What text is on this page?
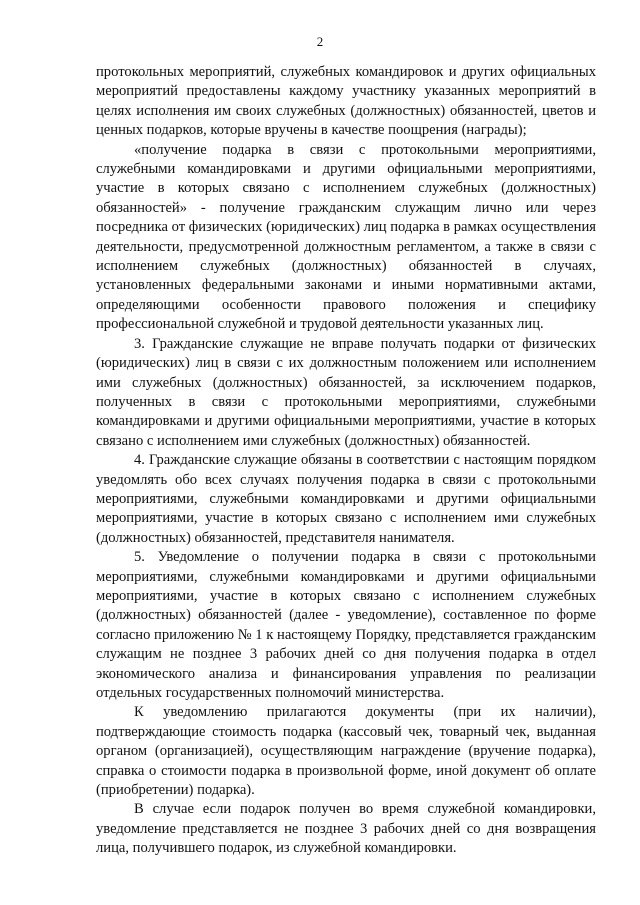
2

протокольных мероприятий, служебных командировок и других официальных мероприятий предоставлены каждому участнику указанных мероприятий в целях исполнения им своих служебных (должностных) обязанностей, цветов и ценных подарков, которые вручены в качестве поощрения (награды);

«получение подарка в связи с протокольными мероприятиями, служебными командировками и другими официальными мероприятиями, участие в которых связано с исполнением служебных (должностных) обязанностей» - получение гражданским служащим лично или через посредника от физических (юридических) лиц подарка в рамках осуществления деятельности, предусмотренной должностным регламентом, а также в связи с исполнением служебных (должностных) обязанностей в случаях, установленных федеральными законами и иными нормативными актами, определяющими особенности правового положения и специфику профессиональной служебной и трудовой деятельности указанных лиц.

3. Гражданские служащие не вправе получать подарки от физических (юридических) лиц в связи с их должностным положением или исполнением ими служебных (должностных) обязанностей, за исключением подарков, полученных в связи с протокольными мероприятиями, служебными командировками и другими официальными мероприятиями, участие в которых связано с исполнением ими служебных (должностных) обязанностей.

4. Гражданские служащие обязаны в соответствии с настоящим порядком уведомлять обо всех случаях получения подарка в связи с протокольными мероприятиями, служебными командировками и другими официальными мероприятиями, участие в которых связано с исполнением ими служебных (должностных) обязанностей, представителя нанимателя.

5. Уведомление о получении подарка в связи с протокольными мероприятиями, служебными командировками и другими официальными мероприятиями, участие в которых связано с исполнением служебных (должностных) обязанностей (далее - уведомление), составленное по форме согласно приложению № 1 к настоящему Порядку, представляется гражданским служащим не позднее 3 рабочих дней со дня получения подарка в отдел экономического анализа и финансирования управления по реализации отдельных государственных полномочий министерства.

К уведомлению прилагаются документы (при их наличии), подтверждающие стоимость подарка (кассовый чек, товарный чек, выданная органом (организацией), осуществляющим награждение (вручение подарка), справка о стоимости подарка в произвольной форме, иной документ об оплате (приобретении) подарка).

В случае если подарок получен во время служебной командировки, уведомление представляется не позднее 3 рабочих дней со дня возвращения лица, получившего подарок, из служебной командировки.
